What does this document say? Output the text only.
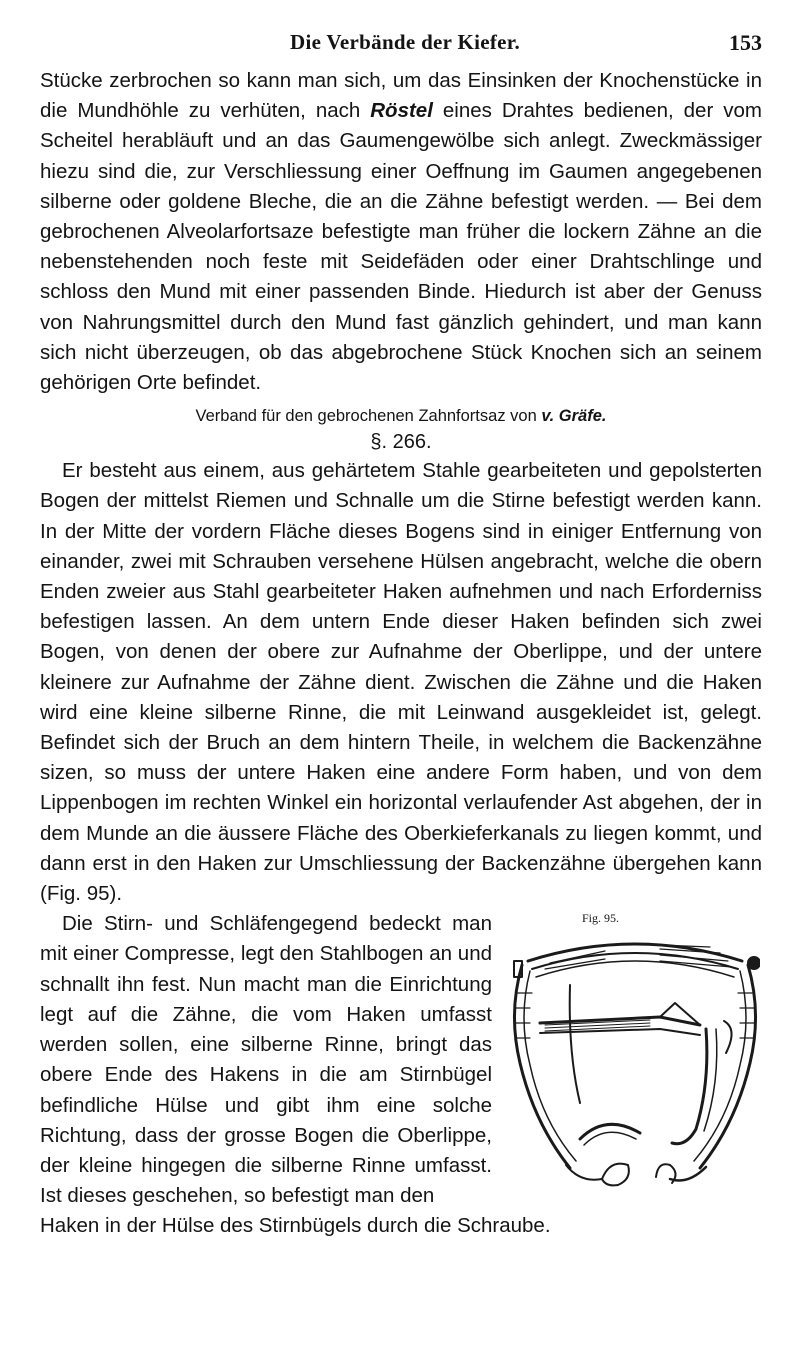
Die Verbände der Kiefer.	153

Stücke zerbrochen so kann man sich, um das Einsinken der Knochenstücke in die Mundhöhle zu verhüten, nach Röstel eines Drahtes bedienen, der vom Scheitel herabläuft und an das Gaumengewölbe sich anlegt. Zweckmässiger hiezu sind die, zur Verschliessung einer Oeffnung im Gaumen angegebenen silberne oder goldene Bleche, die an die Zähne befestigt werden. — Bei dem gebrochenen Alveolarfortsaze befestigte man früher die lockern Zähne an die nebenstehenden noch feste mit Seidefäden oder einer Drahtschlinge und schloss den Mund mit einer passenden Binde. Hiedurch ist aber der Genuss von Nahrungsmittel durch den Mund fast gänzlich gehindert, und man kann sich nicht überzeugen, ob das abgebrochene Stück Knochen sich an seinem gehörigen Orte befindet.

Verband für den gebrochenen Zahnfortsaz von v. Gräfe.
§. 266.

Er besteht aus einem, aus gehärtetem Stahle gearbeiteten und gepolsterten Bogen der mittelst Riemen und Schnalle um die Stirne befestigt werden kann. In der Mitte der vordern Fläche dieses Bogens sind in einiger Entfernung von einander, zwei mit Schrauben versehene Hülsen angebracht, welche die obern Enden zweier aus Stahl gearbeiteter Haken aufnehmen und nach Erforderniss befestigen lassen. An dem untern Ende dieser Haken befinden sich zwei Bogen, von denen der obere zur Aufnahme der Oberlippe, und der untere kleinere zur Aufnahme der Zähne dient. Zwischen die Zähne und die Haken wird eine kleine silberne Rinne, die mit Leinwand ausgekleidet ist, gelegt. Befindet sich der Bruch an dem hintern Theile, in welchem die Backenzähne sizen, so muss der untere Haken eine andere Form haben, und von dem Lippenbogen im rechten Winkel ein horizontal verlaufender Ast abgehen, der in dem Munde an die äussere Fläche des Oberkieferkanals zu liegen kommt, und dann erst in den Haken zur Umschliessung der Backenzähne übergehen kann (Fig. 95).

Fig. 95.

Die Stirn- und Schläfengegend bedeckt man mit einer Compresse, legt den Stahlbogen an und schnallt ihn fest. Nun macht man die Einrichtung legt auf die Zähne, die vom Haken umfasst werden sollen, eine silberne Rinne, bringt das obere Ende des Hakens in die am Stirnbügel befindliche Hülse und gibt ihm eine solche Richtung, dass der grosse Bogen die Oberlippe, der kleine hingegen die silberne Rinne umfasst. Ist dieses geschehen, so befestigt man den

Haken in der Hülse des Stirnbügels durch die Schraube.
